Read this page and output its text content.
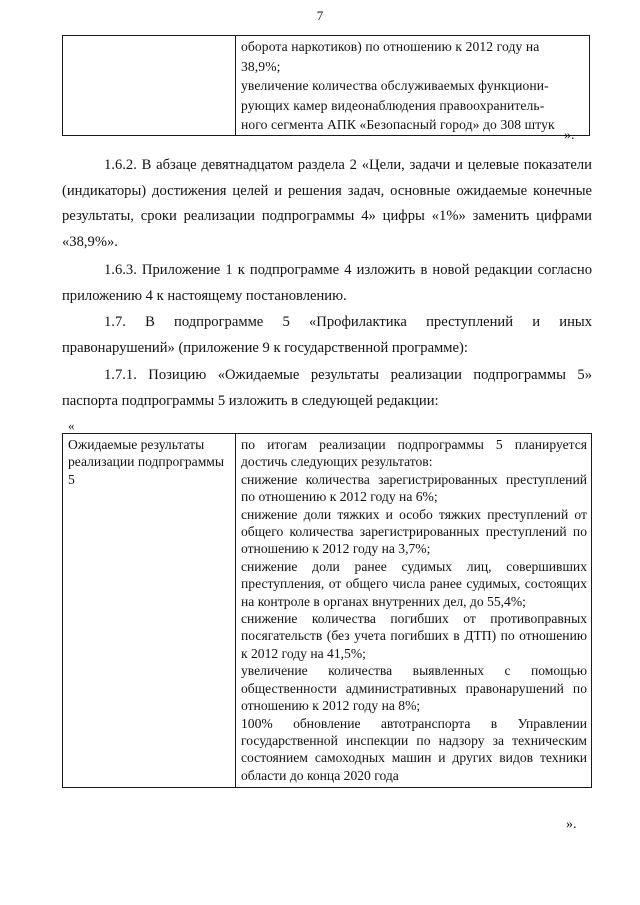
7

оборота наркотиков) по отношению к 2012 году на
38,9%;
увеличение количества обслуживаемых функциони-
рующих камер видеонаблюдения правоохранитель-
ного сегмента АПК «Безопасный город» до 308 штук
».

1.6.2. В абзаце девятнадцатом раздела 2 «Цели, задачи и целевые показатели (индикаторы) достижения целей и решения задач, основные ожидаемые конечные результаты, сроки реализации подпрограммы 4» цифры «1%» заменить цифрами «38,9%».

1.6.3. Приложение 1 к подпрограмме 4 изложить в новой редакции согласно приложению 4 к настоящему постановлению.

1.7. В подпрограмме 5 «Профилактика преступлений и иных правонарушений» (приложение 9 к государственной программе):

1.7.1. Позицию «Ожидаемые результаты реализации подпрограммы 5» паспорта подпрограммы 5 изложить в следующей редакции:

«
Ожидаемые результаты реализации подпрограммы 5	
по итогам реализации подпрограммы 5 планируется достичь следующих результатов:
снижение количества зарегистрированных преступлений по отношению к 2012 году на 6%;
снижение доли тяжких и особо тяжких преступлений от общего количества зарегистрированных преступлений по отношению к 2012 году на 3,7%;
снижение доли ранее судимых лиц, совершивших преступления, от общего числа ранее судимых, состоящих на контроле в органах внутренних дел, до 55,4%;
снижение количества погибших от противоправных посягательств (без учета погибших в ДТП) по отношению к 2012 году на 41,5%;
увеличение количества выявленных с помощью общественности административных правонарушений по отношению к 2012 году на 8%;
100% обновление автотранспорта в Управлении государственной инспекции по надзору за техническим состоянием самоходных машин и других видов техники области до конца 2020 года
».
